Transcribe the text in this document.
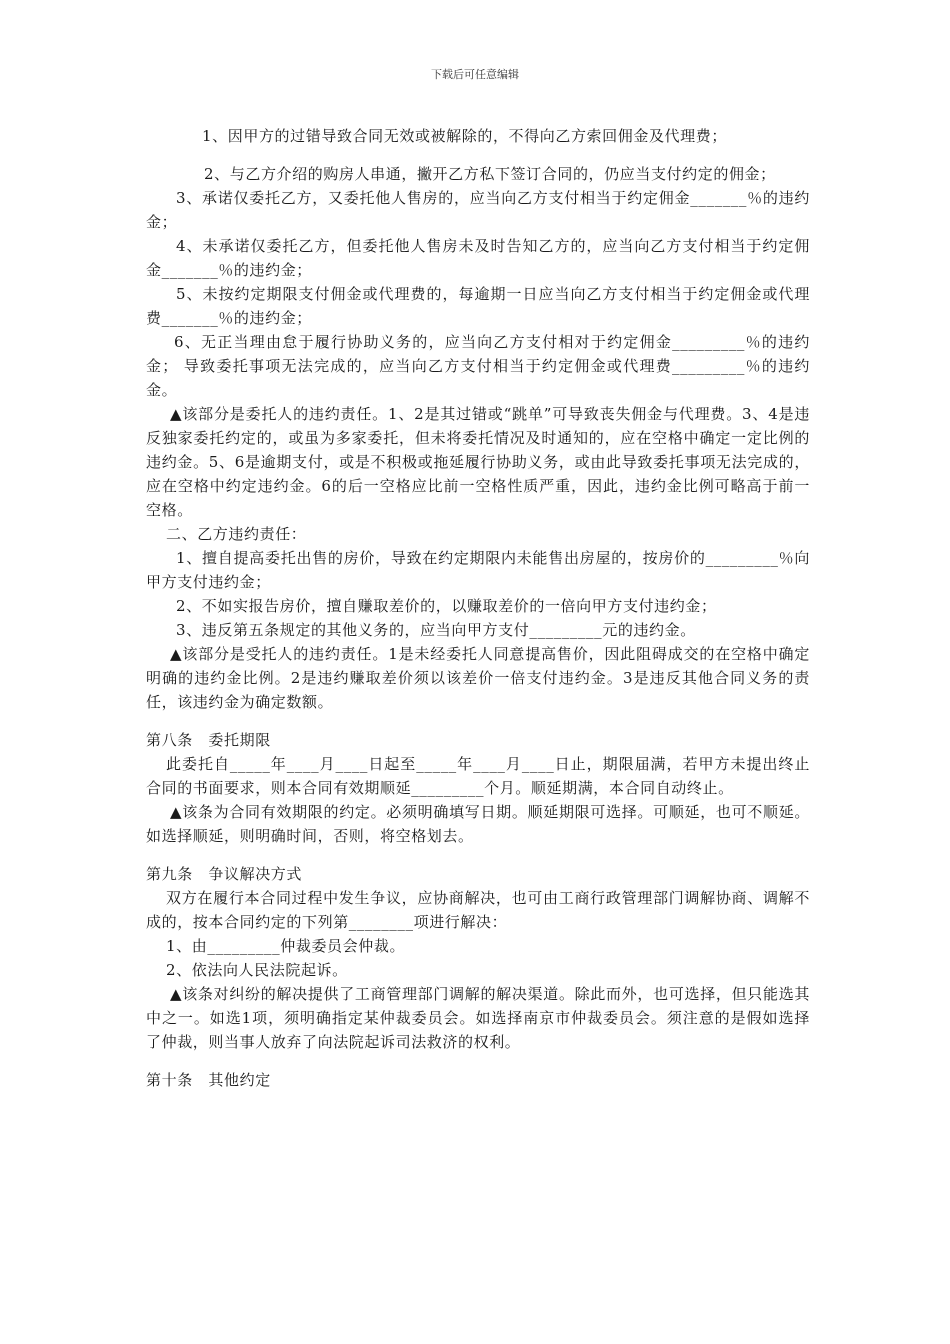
下载后可任意编辑

1、因甲方的过错导致合同无效或被解除的，不得向乙方索回佣金及代理费；

2、与乙方介绍的购房人串通，撇开乙方私下签订合同的，仍应当支付约定的佣金；

3、承诺仅委托乙方，又委托他人售房的，应当向乙方支付相当于约定佣金_______％的违约金；

4、未承诺仅委托乙方，但委托他人售房未及时告知乙方的，应当向乙方支付相当于约定佣金_______％的违约金；

5、未按约定期限支付佣金或代理费的，每逾期一日应当向乙方支付相当于约定佣金或代理费_______％的违约金；

6、无正当理由怠于履行协助义务的，应当向乙方支付相对于约定佣金_________％的违约金； 导致委托事项无法完成的，应当向乙方支付相当于约定佣金或代理费_________％的违约金。

▲该部分是委托人的违约责任。1、2是其过错或“跳单”可导致丧失佣金与代理费。3、4是违反独家委托约定的，或虽为多家委托，但未将委托情况及时通知的，应在空格中确定一定比例的违约金。5、6是逾期支付，或是不积极或拖延履行协助义务，或由此导致委托事项无法完成的，应在空格中约定违约金。6的后一空格应比前一空格性质严重，因此，违约金比例可略高于前一空格。

二、乙方违约责任：

1、擅自提高委托出售的房价，导致在约定期限内未能售出房屋的，按房价的_________％向甲方支付违约金；

2、不如实报告房价，擅自赚取差价的，以赚取差价的一倍向甲方支付违约金；

3、违反第五条规定的其他义务的，应当向甲方支付_________元的违约金。

▲该部分是受托人的违约责任。1是未经委托人同意提高售价，因此阻碍成交的在空格中确定明确的违约金比例。2是违约赚取差价须以该差价一倍支付违约金。3是违反其他合同义务的责任，该违约金为确定数额。

第八条　委托期限

此委托自_____年____月____日起至_____年____月____日止，期限届满，若甲方未提出终止合同的书面要求，则本合同有效期顺延_________个月。顺延期满，本合同自动终止。

▲该条为合同有效期限的约定。必须明确填写日期。顺延期限可选择。可顺延，也可不顺延。如选择顺延，则明确时间，否则，将空格划去。

第九条　争议解决方式

双方在履行本合同过程中发生争议，应协商解决，也可由工商行政管理部门调解协商、调解不成的，按本合同约定的下列第________项进行解决：

1、由_________仲裁委员会仲裁。

2、依法向人民法院起诉。

▲该条对纠纷的解决提供了工商管理部门调解的解决渠道。除此而外，也可选择，但只能选其中之一。如选1项，须明确指定某仲裁委员会。如选择南京市仲裁委员会。须注意的是假如选择了仲裁，则当事人放弃了向法院起诉司法救济的权利。

第十条　其他约定
